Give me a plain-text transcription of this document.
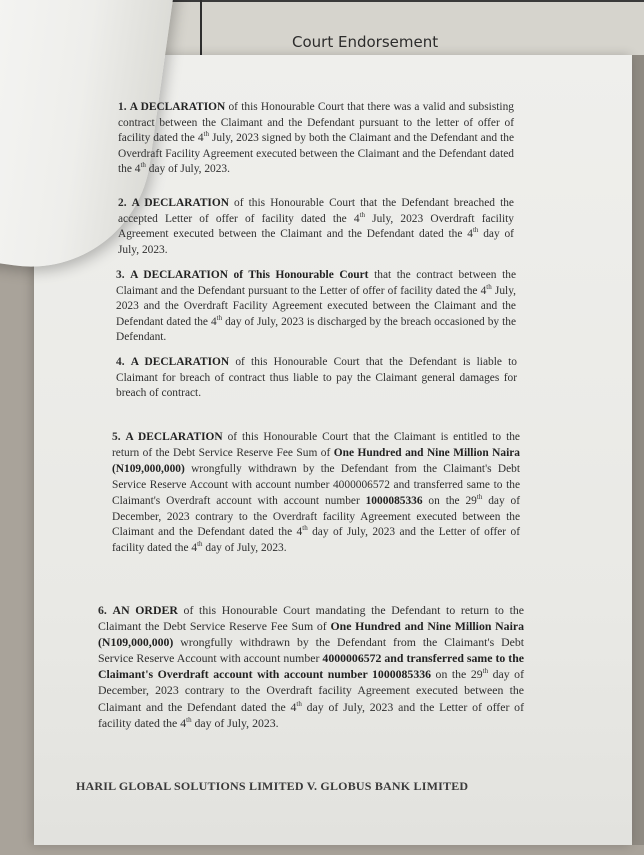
Court Endorsement
1. A DECLARATION of this Honourable Court that there was a valid and subsisting contract between the Claimant and the Defendant pursuant to the letter of offer of facility dated the 4th July, 2023 signed by both the Claimant and the Defendant and the Overdraft Facility Agreement executed between the Claimant and the Defendant dated the 4th day of July, 2023.
2. A DECLARATION of this Honourable Court that the Defendant breached the accepted Letter of offer of facility dated the 4th July, 2023 Overdraft facility Agreement executed between the Claimant and the Defendant dated the 4th day of July, 2023.
3. A DECLARATION of This Honourable Court that the contract between the Claimant and the Defendant pursuant to the Letter of offer of facility dated the 4th July, 2023 and the Overdraft Facility Agreement executed between the Claimant and the Defendant dated the 4th day of July, 2023 is discharged by the breach occasioned by the Defendant.
4. A DECLARATION of this Honourable Court that the Defendant is liable to Claimant for breach of contract thus liable to pay the Claimant general damages for breach of contract.
5. A DECLARATION of this Honourable Court that the Claimant is entitled to the return of the Debt Service Reserve Fee Sum of One Hundred and Nine Million Naira (N109,000,000) wrongfully withdrawn by the Defendant from the Claimant's Debt Service Reserve Account with account number 4000006572 and transferred same to the Claimant's Overdraft account with account number 1000085336 on the 29th day of December, 2023 contrary to the Overdraft facility Agreement executed between the Claimant and the Defendant dated the 4th day of July, 2023 and the Letter of offer of facility dated the 4th day of July, 2023.
6. AN ORDER of this Honourable Court mandating the Defendant to return to the Claimant the Debt Service Reserve Fee Sum of One Hundred and Nine Million Naira (N109,000,000) wrongfully withdrawn by the Defendant from the Claimant's Debt Service Reserve Account with account number 4000006572 and transferred same to the Claimant's Overdraft account with account number 1000085336 on the 29th day of December, 2023 contrary to the Overdraft facility Agreement executed between the Claimant and the Defendant dated the 4th day of July, 2023 and the Letter of offer of facility dated the 4th day of July, 2023.
HARIL GLOBAL SOLUTIONS LIMITED V. GLOBUS BANK LIMITED
